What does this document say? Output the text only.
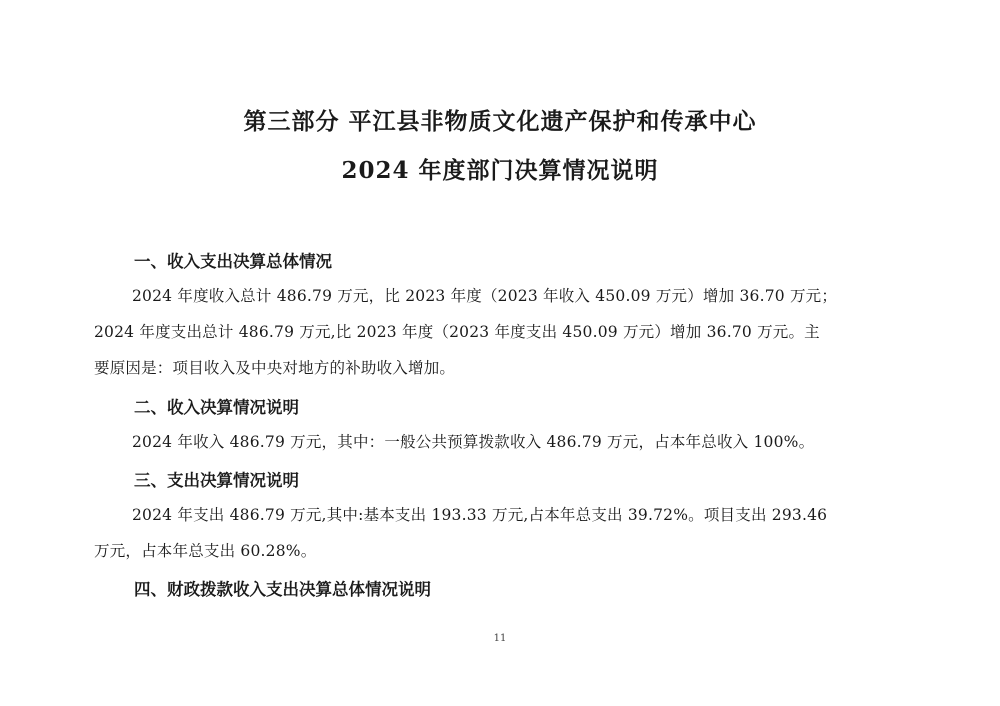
第三部分 平江县非物质文化遗产保护和传承中心
2024 年度部门决算情况说明
一、收入支出决算总体情况
2024 年度收入总计 486.79 万元，比 2023 年度（2023 年收入 450.09 万元）增加 36.70 万元；
2024 年度支出总计 486.79 万元,比 2023 年度（2023 年度支出 450.09 万元）增加 36.70 万元。主
要原因是：项目收入及中央对地方的补助收入增加。
二、收入决算情况说明
2024 年收入 486.79 万元，其中：一般公共预算拨款收入 486.79 万元，占本年总收入 100%。
三、支出决算情况说明
2024 年支出 486.79 万元,其中:基本支出 193.33 万元,占本年总支出 39.72%。项目支出 293.46
万元，占本年总支出 60.28%。
四、财政拨款收入支出决算总体情况说明
11
